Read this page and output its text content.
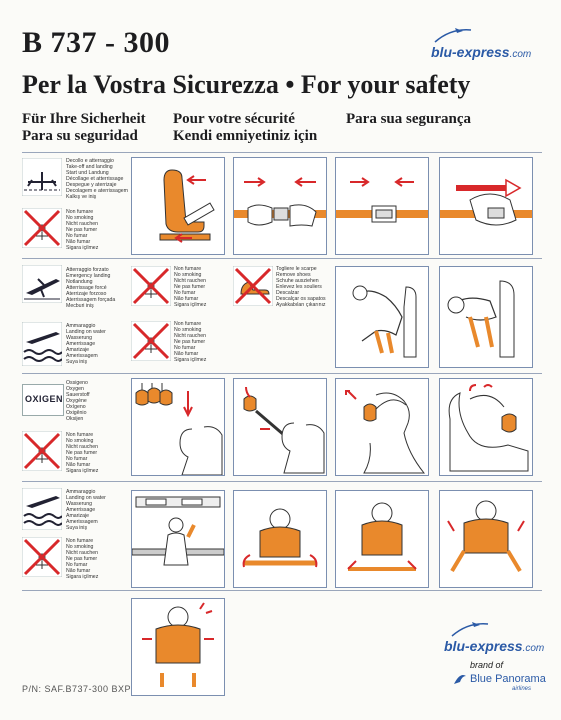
B 737 - 300
Per la Vostra Sicurezza • For your safety
Für Ihre Sicherheit Pour votre sécurité	Para sua segurança
Para su seguridad Kendi emniyetiniz için
blu-express.com
Decollo e atterraggio
Take-off and landing
Start und Landung
Décollage et atterrissage
Despegue y aterrizaje
Decolagem e aterrissagem
Kalkış ve iniş
Non fumare
No smoking
Nicht rauchen
Ne pas fumer
No fumar
Não fumar
Sigara içilmez
Atterraggio forzato
Emergency landing
Notlandung
Atterrissage forcé
Aterrizaje forzoso
Aterrissagem forçada
Mecburi iniş
Ammaraggio
Landing on water
Wasserung
Amerrissage
Amarizaje
Amerissagem
Suya iniş
Non fumare
No smoking
Nicht rauchen
Ne pas fumer
No fumar
Não fumar
Sigara içilmez
Non fumare
No smoking
Nicht rauchen
Ne pas fumer
No fumar
Não fumar
Sigara içilmez
Togliere le scarpe
Remove shoes
Schuhe ausziehen
Enlevez les souliers
Descalzar
Descalçar os sapatos
Ayakkabıları çıkarınız
OXIGEN
Ossigeno
Oxygen
Sauerstoff
Oxygène
Oxígeno
Oxigênio
Oksijen
Non fumare
No smoking
Nicht rauchen
Ne pas fumer
No fumar
Não fumar
Sigara içilmez
Ammaraggio
Landing on water
Wasserung
Amerrissage
Amarizaje
Amerissagem
Suya iniş
Non fumare
No smoking
Nicht rauchen
Ne pas fumer
No fumar
Não fumar
Sigara içilmez
blu-express.com
brand of
Blue Panorama
airlines
P/N: SAF.B737-300 BXP
